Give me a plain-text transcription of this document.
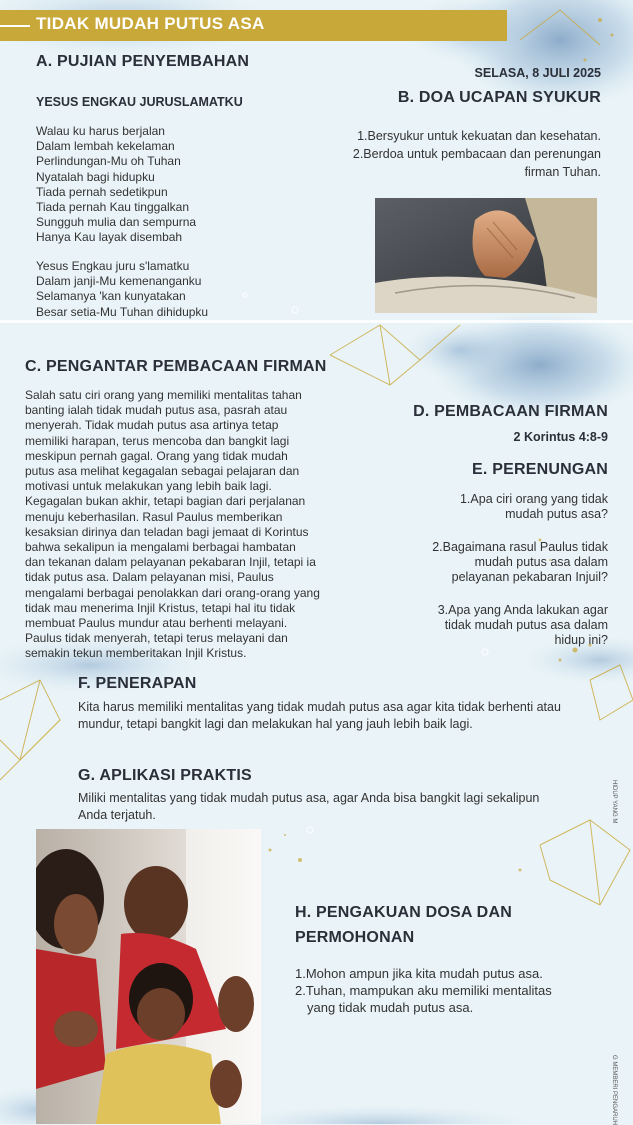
TIDAK MUDAH PUTUS ASA
A. PUJIAN PENYEMBAHAN
YESUS ENGKAU JURUSLAMATKU
Walau ku harus berjalan
Dalam lembah kekelaman
Perlindungan-Mu oh Tuhan
Nyatalah bagi hidupku
Tiada pernah sedetikpun
Tiada pernah Kau tinggalkan
Sungguh mulia dan sempurna
Hanya Kau layak disembah
Yesus Engkau juru s'lamatku
Dalam janji-Mu kemenanganku
Selamanya 'kan kunyatakan
Besar setia-Mu Tuhan dihidupku
SELASA, 8 JULI 2025
B. DOA UCAPAN SYUKUR
1.Bersyukur untuk kekuatan dan kesehatan.
2.Berdoa untuk pembacaan dan perenungan
firman Tuhan.
C. PENGANTAR PEMBACAAN FIRMAN
Salah satu ciri orang yang memiliki mentalitas tahan
banting ialah tidak mudah putus asa, pasrah atau
menyerah. Tidak mudah putus asa artinya tetap
memiliki harapan, terus mencoba dan bangkit lagi
meskipun pernah gagal. Orang yang tidak mudah
putus asa melihat kegagalan sebagai pelajaran dan
motivasi untuk melakukan yang lebih baik lagi.
Kegagalan bukan akhir, tetapi bagian dari perjalanan
menuju keberhasilan. Rasul Paulus memberikan
kesaksian dirinya dan teladan bagi jemaat di Korintus
bahwa sekalipun ia mengalami berbagai hambatan
dan tekanan dalam pelayanan pekabaran Injil, tetapi ia
tidak putus asa. Dalam pelayanan misi, Paulus
mengalami berbagai penolakkan dari orang-orang yang
tidak mau menerima Injil Kristus, tetapi hal itu tidak
membuat Paulus mundur atau berhenti melayani.
Paulus tidak menyerah, tetapi terus melayani dan
semakin tekun memberitakan Injil Kristus.
D. PEMBACAAN FIRMAN
2 Korintus 4:8-9
E. PERENUNGAN
1.Apa ciri orang yang tidak
mudah putus asa?
2.Bagaimana rasul Paulus tidak
mudah putus asa dalam
pelayanan pekabaran Injuil?
3.Apa yang Anda lakukan agar
tidak mudah putus asa dalam
hidup ini?
F. PENERAPAN
Kita harus memiliki mentalitas yang tidak mudah putus asa agar kita tidak berhenti atau
mundur, tetapi bangkit lagi dan melakukan hal yang jauh lebih baik lagi.
G. APLIKASI PRAKTIS
Miliki mentalitas yang tidak mudah putus asa, agar Anda bisa bangkit lagi sekalipun
Anda terjatuh.
H. PENGAKUAN DOSA DAN
PERMOHONAN
1.Mohon ampun jika kita mudah putus asa.
2.Tuhan, mampukan aku memiliki mentalitas
yang tidak mudah putus asa.
HIDUP YANG M
G MEMBERI PENGARUH
